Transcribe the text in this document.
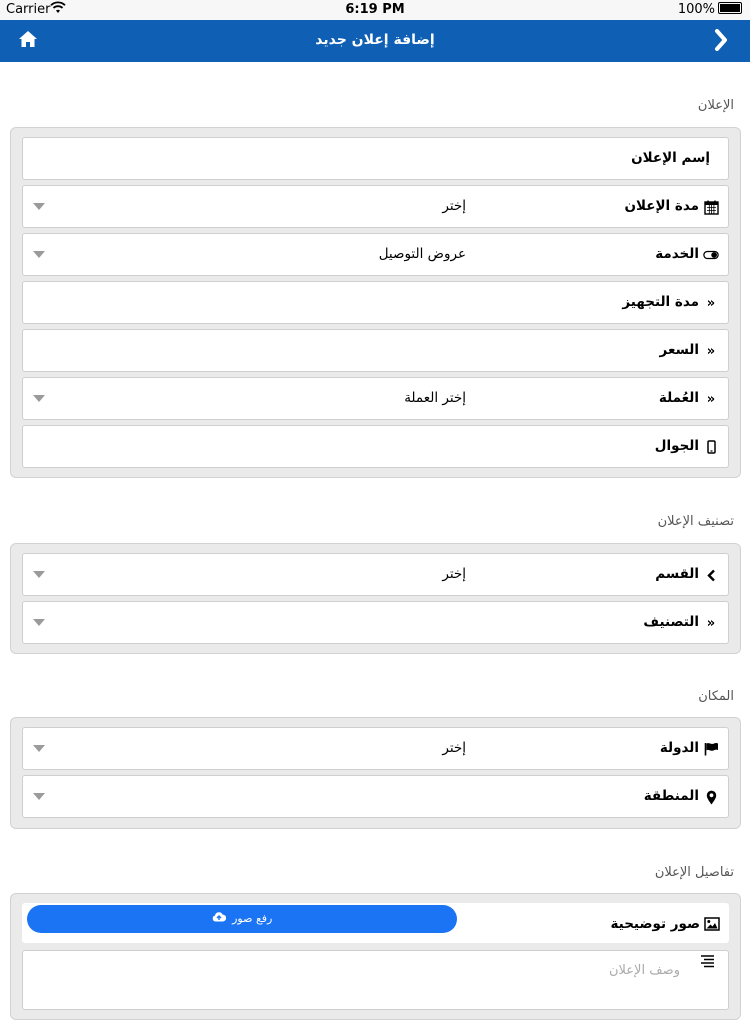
Carrier	6:19 PM	100%
إضافة إعلان جديد
الإعلان
إسم الإعلان
مدة الإعلان
إختر
الخدمة
عروض التوصيل
»
مدة التجهيز
»
السعر
»
العُملة
إختر العملة
الجوال
تصنيف الإعلان
القسم
إختر
»
التصنيف
المكان
الدولة
إختر
المنطقة
تفاصيل الإعلان
صور توضيحية
رفع صور
وصف الإعلان
